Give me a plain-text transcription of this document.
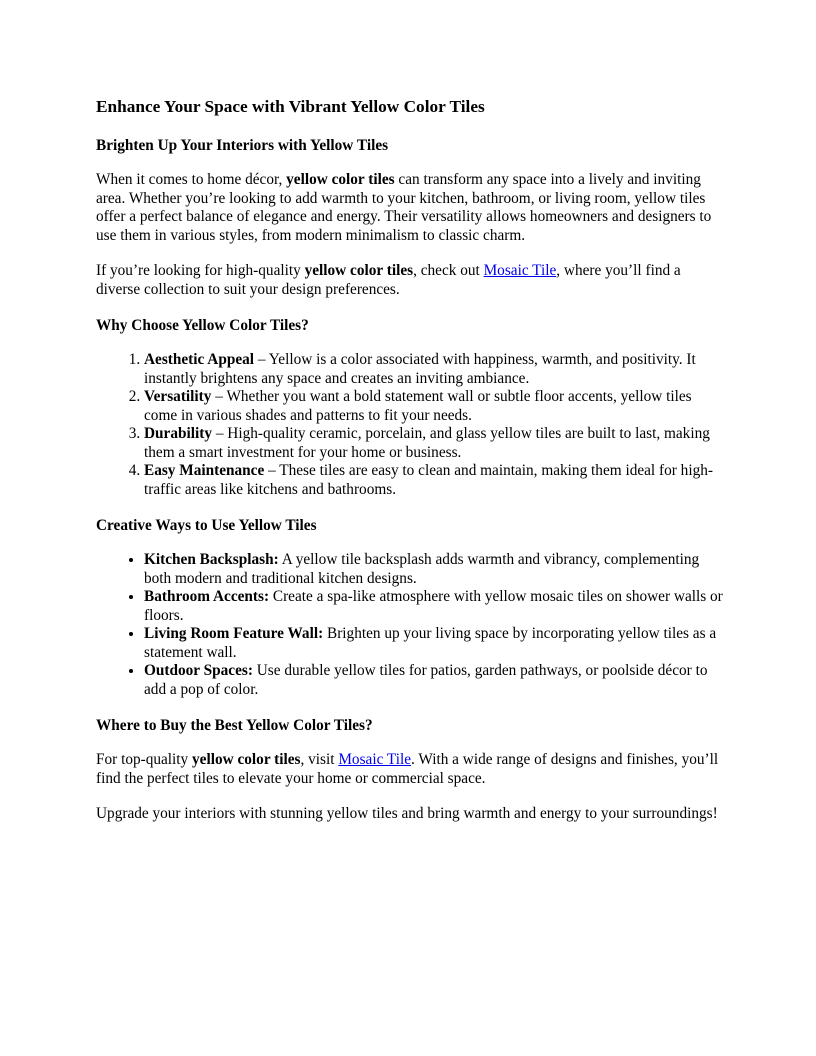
Enhance Your Space with Vibrant Yellow Color Tiles
Brighten Up Your Interiors with Yellow Tiles

When it comes to home décor, yellow color tiles can transform any space into a lively and inviting area. Whether you’re looking to add warmth to your kitchen, bathroom, or living room, yellow tiles offer a perfect balance of elegance and energy. Their versatility allows homeowners and designers to use them in various styles, from modern minimalism to classic charm.

If you’re looking for high-quality yellow color tiles, check out Mosaic Tile, where you’ll find a diverse collection to suit your design preferences.

Why Choose Yellow Color Tiles?
1. Aesthetic Appeal – Yellow is a color associated with happiness, warmth, and positivity. It instantly brightens any space and creates an inviting ambiance.
2. Versatility – Whether you want a bold statement wall or subtle floor accents, yellow tiles come in various shades and patterns to fit your needs.
3. Durability – High-quality ceramic, porcelain, and glass yellow tiles are built to last, making them a smart investment for your home or business.
4. Easy Maintenance – These tiles are easy to clean and maintain, making them ideal for high-traffic areas like kitchens and bathrooms.
Creative Ways to Use Yellow Tiles
• Kitchen Backsplash: A yellow tile backsplash adds warmth and vibrancy, complementing both modern and traditional kitchen designs.
• Bathroom Accents: Create a spa-like atmosphere with yellow mosaic tiles on shower walls or floors.
• Living Room Feature Wall: Brighten up your living space by incorporating yellow tiles as a statement wall.
• Outdoor Spaces: Use durable yellow tiles for patios, garden pathways, or poolside décor to add a pop of color.
Where to Buy the Best Yellow Color Tiles?

For top-quality yellow color tiles, visit Mosaic Tile. With a wide range of designs and finishes, you’ll find the perfect tiles to elevate your home or commercial space.

Upgrade your interiors with stunning yellow tiles and bring warmth and energy to your surroundings!
